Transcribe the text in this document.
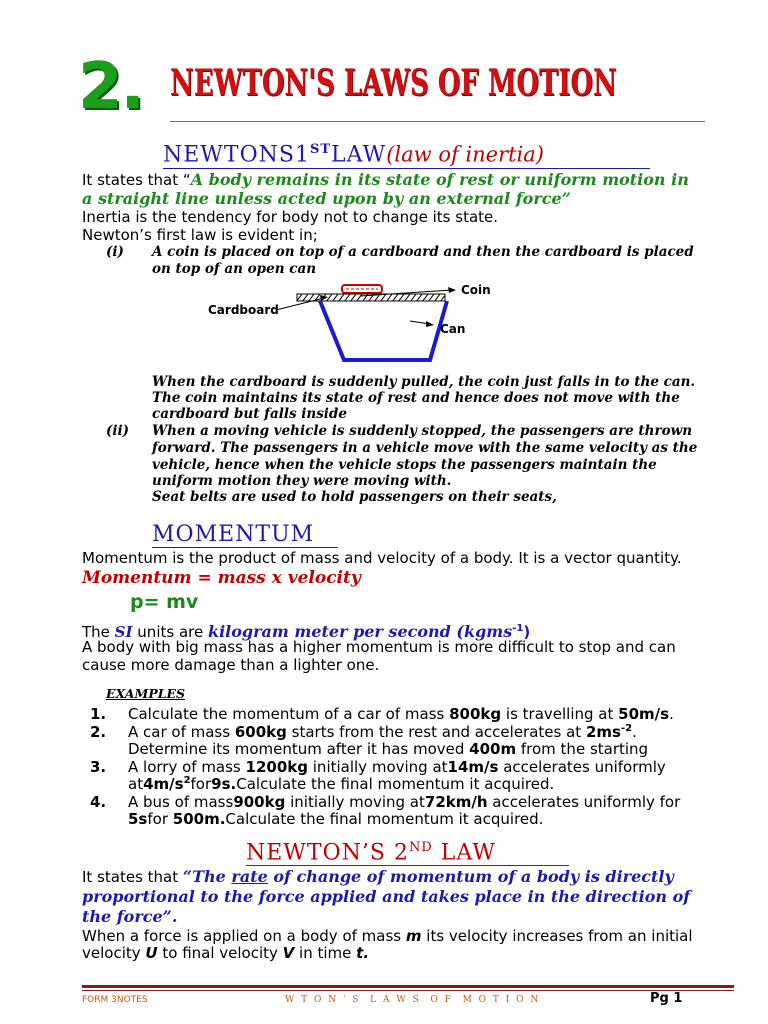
2. NEWTON'S LAWS OF MOTION
NEWTONS1STLAW(law of inertia)
It states that “A body remains in its state of rest or uniform motion in
a straight line unless acted upon by an external force”
Inertia is the tendency for body not to change its state.
Newton’s first law is evident in;
(i) A coin is placed on top of a cardboard and then the cardboard is placed
on top of an open can
Coin
Cardboard
Can
When the cardboard is suddenly pulled, the coin just falls in to the can.
The coin maintains its state of rest and hence does not move with the
cardboard but falls inside
(ii) When a moving vehicle is suddenly stopped, the passengers are thrown
forward. The passengers in a vehicle move with the same velocity as the
vehicle, hence when the vehicle stops the passengers maintain the
uniform motion they were moving with.
Seat belts are used to hold passengers on their seats,
MOMENTUM
Momentum is the product of mass and velocity of a body. It is a vector quantity.
Momentum = mass x velocity
p= mv
The SI units are kilogram meter per second (kgms$^{-1}$)
A body with big mass has a higher momentum is more difficult to stop and can
cause more damage than a lighter one.
EXAMPLES
1. Calculate the momentum of a car of mass 800kg is travelling at 50m/s.
2. A car of mass 600kg starts from the rest and accelerates at $2ms^{-2}$.
Determine its momentum after it has moved 400m from the starting
3. A lorry of mass 1200kg initially moving at14m/s accelerates uniformly
$at4m/s^2for9s.Calculate$ the final momentum it acquired.
4. A bus of mass900kg initially moving at72km/h accelerates uniformly for
5sfor 500m.Calculate the final momentum it acquired.
NEWTON’S 2ND LAW
It states that “The rate of change of momentum of a body is directly
proportional to the force applied and takes place in the direction of
the force”.
When a force is applied on a body of mass m its velocity increases from an initial
velocity U to final velocity V in time t.
FORM 3NOTES	W T O N ' S  L A W S  O F  M O T I O N	Pg 1
